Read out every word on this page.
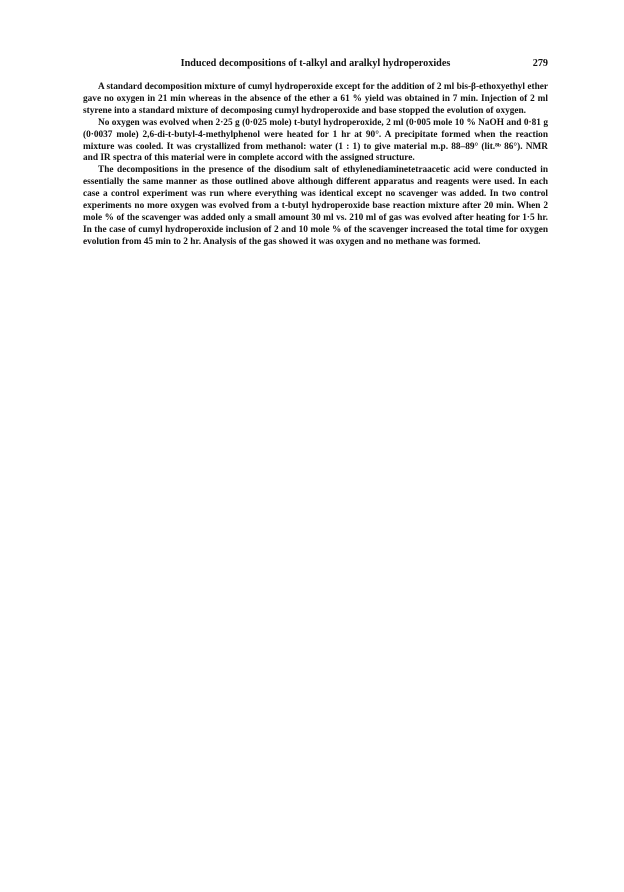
Induced decompositions of t-alkyl and aralkyl hydroperoxides	279

A standard decomposition mixture of cumyl hydroperoxide except for the addition of 2 ml bis-β-ethoxyethyl ether gave no oxygen in 21 min whereas in the absence of the ether a 61 % yield was obtained in 7 min. Injection of 2 ml styrene into a standard mixture of decomposing cumyl hydroperoxide and base stopped the evolution of oxygen.

No oxygen was evolved when 2·25 g (0·025 mole) t-butyl hydroperoxide, 2 ml (0·005 mole 10 % NaOH and 0·81 g (0·0037 mole) 2,6-di-t-butyl-4-methylphenol were heated for 1 hr at 90°. A precipitate formed when the reaction mixture was cooled. It was crystallized from methanol: water (1 : 1) to give material m.p. 88–89° (lit.⁸ᵇ 86°). NMR and IR spectra of this material were in complete accord with the assigned structure.

The decompositions in the presence of the disodium salt of ethylenediaminetetraacetic acid were conducted in essentially the same manner as those outlined above although different apparatus and reagents were used. In each case a control experiment was run where everything was identical except no scavenger was added. In two control experiments no more oxygen was evolved from a t-butyl hydroperoxide base reaction mixture after 20 min. When 2 mole % of the scavenger was added only a small amount 30 ml vs. 210 ml of gas was evolved after heating for 1·5 hr. In the case of cumyl hydroperoxide inclusion of 2 and 10 mole % of the scavenger increased the total time for oxygen evolution from 45 min to 2 hr. Analysis of the gas showed it was oxygen and no methane was formed.
